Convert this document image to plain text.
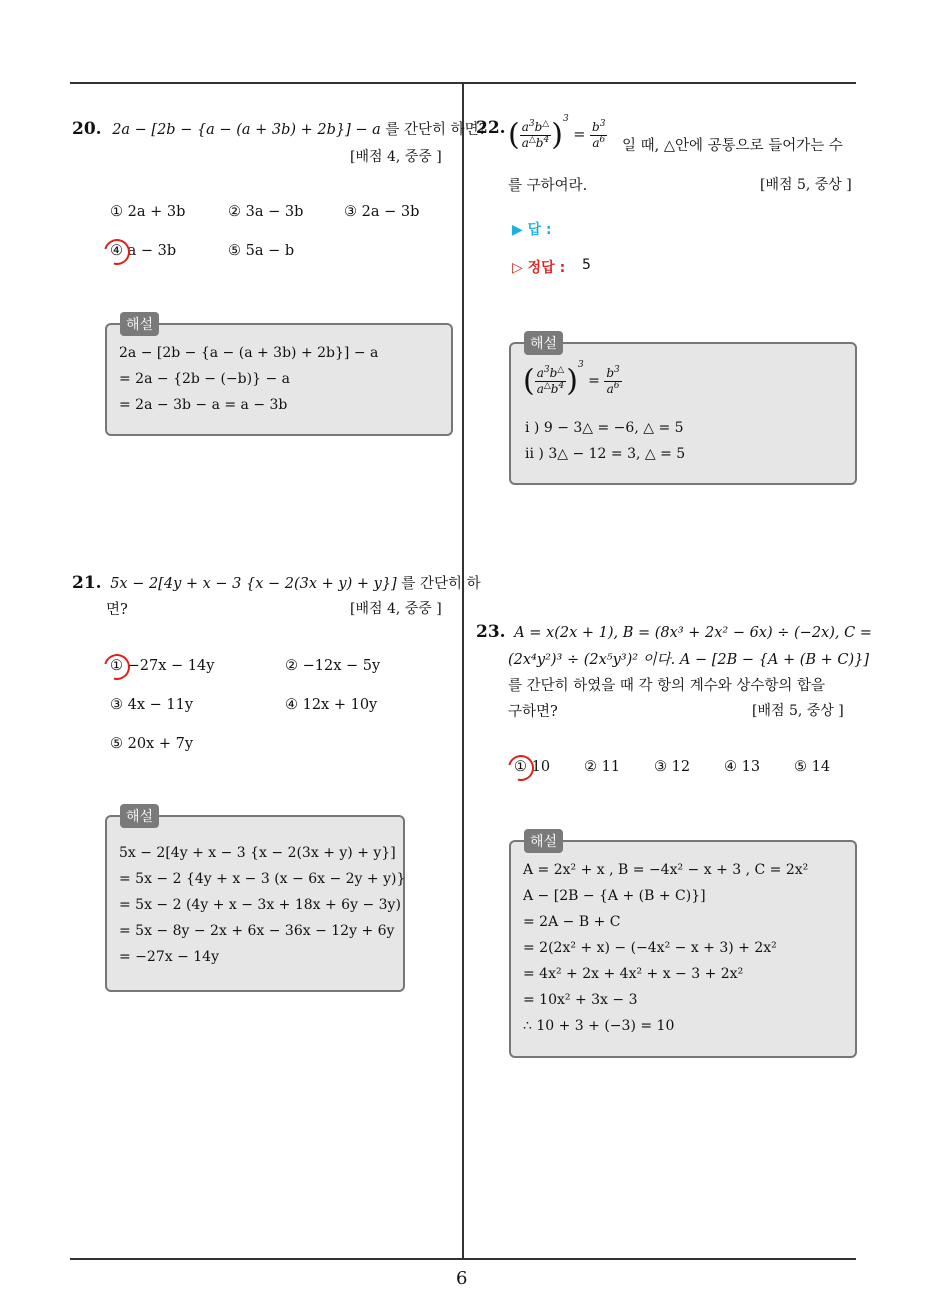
6
20. 2a − [2b − {a − (a + 3b) + 2b}] − a 를 간단히 하면?
[배점 4, 중중 ]
① 2a + 3b	② 3a − 3b	③ 2a − 3b
④ a − 3b	⑤ 5a − b
2a − [2b − {a − (a + 3b) + 2b}] − a
= 2a − {2b − (−b)} − a
= 2a − 3b − a = a − 3b
해설
21. 5x − 2[4y + x − 3 {x − 2(3x + y) + y}] 를 간단히 하
면?	[배점 4, 중중 ]
① −27x − 14y	② −12x − 5y
③ 4x − 11y	④ 12x + 10y
⑤ 20x + 7y
5x − 2[4y + x − 3 {x − 2(3x + y) + y}]
= 5x − 2 {4y + x − 3 (x − 6x − 2y + y)}
= 5x − 2 (4y + x − 3x + 18x + 6y − 3y)
= 5x − 8y − 2x + 6x − 36x − 12y + 6y
= −27x − 14y
해설
22. ( $\frac{a^3b^\triangle}{a^\triangle b^4} )^3 = \frac{b^3}{a^6}$ 일 때, △안에 공통으로 들어가는 수
를 구하여라.	[배점 5, 중상 ]
▶ 답 :
▷ 정답 : 5
( $\frac{a^3b^\triangle}{a^\triangle b^4} )^3 = \frac{b^3}{a^6}$
i ) 9 − 3△ = −6, △ = 5
ii ) 3△ − 12 = 3, △ = 5
해설
23. A = x(2x + 1), B = (8x³ + 2x² − 6x) ÷ (−2x), C =
(2x⁴y²)³ ÷ (2x⁵y³)² 이다. A − [2B − {A + (B + C)}]
를 간단히 하였을 때 각 항의 계수와 상수항의 합을
구하면?	[배점 5, 중상 ]
① 10 ② 11 ③ 12 ④ 13 ⑤ 14
A = 2x² + x , B = −4x² − x + 3 , C = 2x²
A − [2B − {A + (B + C)}]
= 2A − B + C
= 2(2x² + x) − (−4x² − x + 3) + 2x²
= 4x² + 2x + 4x² + x − 3 + 2x²
= 10x² + 3x − 3
∴ 10 + 3 + (−3) = 10
해설
